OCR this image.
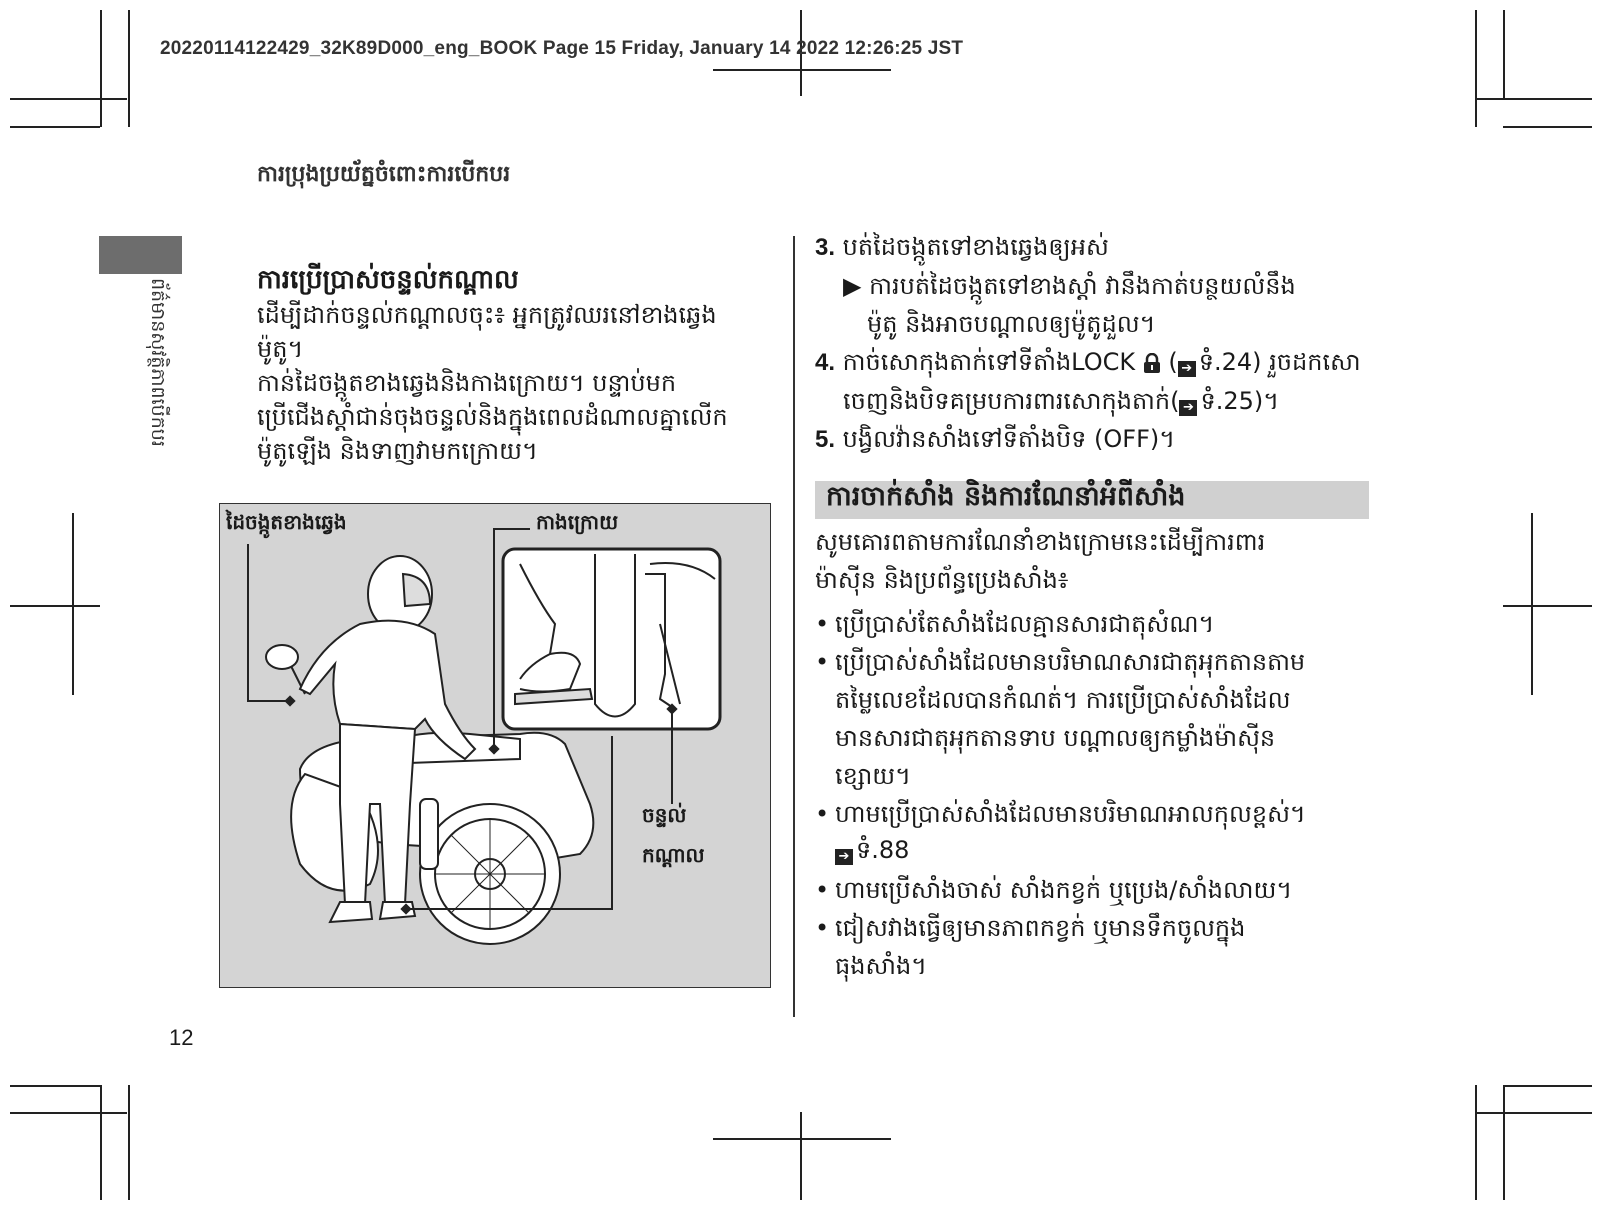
20220114122429_32K89D000_eng_BOOK Page 15 Friday, January 14 2022 12:26:25 JST
ការប្រុងប្រយ័ត្នចំពោះការបើកបរ
ព័ត៌មានសុវត្ថិភាពបើកបរ	ការប្រើប្រាស់ចន្ទល់កណ្ដាល
ដើម្បីដាក់ចន្ទល់កណ្ដាលចុះ៖ អ្នកត្រូវឈរនៅខាងឆ្វេង
ម៉ូតូ។
កាន់ដៃចង្កូតខាងឆ្វេងនិងកាងក្រោយ។ បន្ទាប់មក
ប្រើជើងស្ដាំជាន់ចុងចន្ទល់និងក្នុងពេលដំណាលគ្នាលើក
ម៉ូតូឡើង និងទាញវាមកក្រោយ។
ដៃចង្កូតខាងឆ្វេង	កាងក្រោយ
ចន្ទល់
កណ្ដាល
3. បត់ដៃចង្កូតទៅខាងឆ្វេងឲ្យអស់
▶ ការបត់ដៃចង្កូតទៅខាងស្ដាំ វានឹងកាត់បន្ថយលំនឹង
ម៉ូតូ និងអាចបណ្ដាលឲ្យម៉ូតូដួល។
4. កាច់សោកុងតាក់ទៅទីតាំងLOCK  ( ➔ ទំ.24) រួចដកសោ
ចេញនិងបិទគម្របការពារសោកុងតាក់( ➔ ទំ.25)។
5. បង្វិលវ៉ានសាំងទៅទីតាំងបិទ (OFF)។
ការចាក់សាំង និងការណែនាំអំពីសាំង
សូមគោរពតាមការណែនាំខាងក្រោមនេះដើម្បីការពារ
ម៉ាស៊ីន និងប្រព័ន្ធប្រេងសាំង៖
• ប្រើប្រាស់តែសាំងដែលគ្មានសារជាតុសំណ។
• ប្រើប្រាស់សាំងដែលមានបរិមាណសារជាតុអុកតានតាម
តម្លៃលេខដែលបានកំណត់។ ការប្រើប្រាស់សាំងដែល
មានសារជាតុអុកតានទាប បណ្ដាលឲ្យកម្លាំងម៉ាស៊ីន
ខ្សោយ។
• ហាមប្រើប្រាស់សាំងដែលមានបរិមាណអាលកុលខ្ពស់។
➔ ទំ.88
• ហាមប្រើសាំងចាស់ សាំងកខ្វក់ ឬប្រេង/សាំងលាយ។
• ជៀសវាងធ្វើឲ្យមានភាពកខ្វក់ ឬមានទឹកចូលក្នុង
ធុងសាំង។
12
